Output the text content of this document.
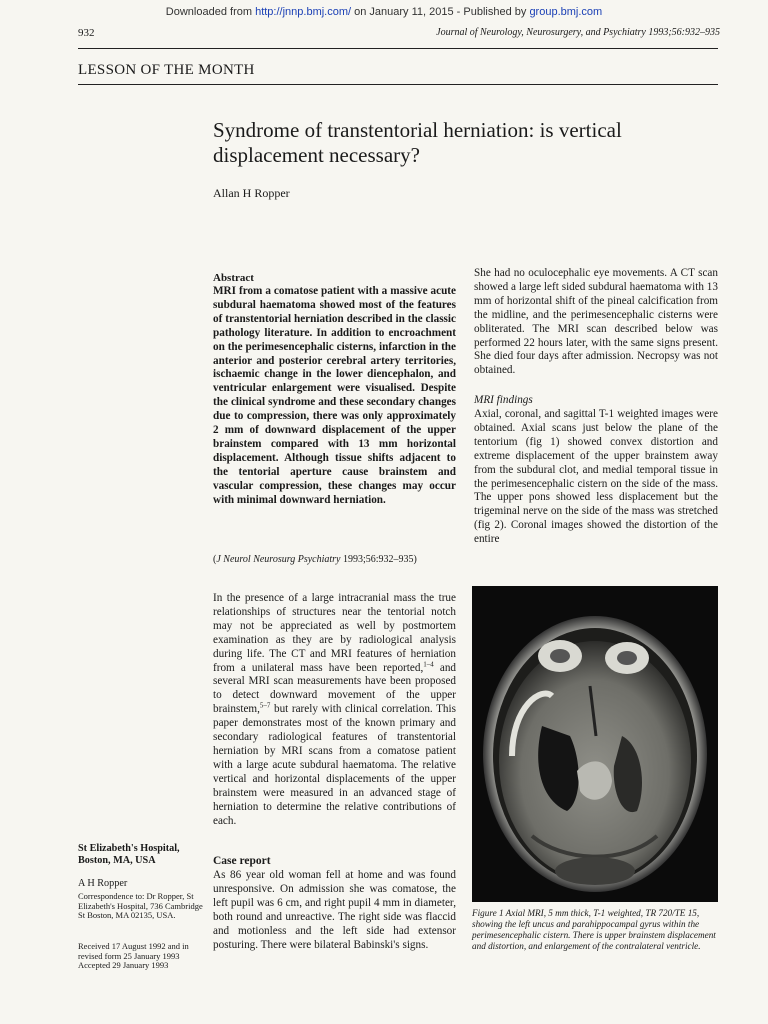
Downloaded from http://jnnp.bmj.com/ on January 11, 2015 - Published by group.bmj.com
932	Journal of Neurology, Neurosurgery, and Psychiatry 1993;56:932–935
LESSON OF THE MONTH
Syndrome of transtentorial herniation: is vertical displacement necessary?
Allan H Ropper
Abstract
MRI from a comatose patient with a massive acute subdural haematoma showed most of the features of transtentorial herniation described in the classic pathology literature. In addition to encroachment on the perimesencephalic cisterns, infarction in the anterior and posterior cerebral artery territories, ischaemic change in the lower diencephalon, and ventricular enlargement were visualised. Despite the clinical syndrome and these secondary changes due to compression, there was only approximately 2 mm of downward displacement of the upper brainstem compared with 13 mm horizontal displacement. Although tissue shifts adjacent to the tentorial aperture cause brainstem and vascular compression, these changes may occur with minimal downward herniation.
(J Neurol Neurosurg Psychiatry 1993;56:932–935)
In the presence of a large intracranial mass the true relationships of structures near the tentorial notch may not be appreciated as well by postmortem examination as they are by radiological analysis during life. The CT and MRI features of herniation from a unilateral mass have been reported,$^{1-4}$ and several MRI scan measurements have been proposed to detect downward movement of the upper brainstem,$^{5-7}$ but rarely with clinical correlation. This paper demonstrates most of the known primary and secondary radiological features of transtentorial herniation by MRI scans from a comatose patient with a large acute subdural haematoma. The relative vertical and horizontal displacements of the upper brainstem were measured in an advanced stage of herniation to determine the relative contributions of each.
Case report
As 86 year old woman fell at home and was found unresponsive. On admission she was comatose, the left pupil was 6 cm, and right pupil 4 mm in diameter, both round and unreactive. The right side was flaccid and motionless and the left side had extensor posturing. There were bilateral Babinski's signs.
She had no oculocephalic eye movements. A CT scan showed a large left sided subdural haematoma with 13 mm of horizontal shift of the pineal calcification from the midline, and the perimesencephalic cisterns were obliterated. The MRI scan described below was performed 22 hours later, with the same signs present. She died four days after admission. Necropsy was not obtained.
MRI findings
Axial, coronal, and sagittal T-1 weighted images were obtained. Axial scans just below the plane of the tentorium (fig 1) showed convex distortion and extreme displacement of the upper brainstem away from the subdural clot, and medial temporal tissue in the perimesencephalic cistern on the side of the mass. The upper pons showed less displacement but the trigeminal nerve on the side of the mass was stretched (fig 2). Coronal images showed the distortion of the entire
Figure 1 Axial MRI, 5 mm thick, T-1 weighted, TR 720/TE 15, showing the left uncus and parahippocampal gyrus within the perimesencephalic cistern. There is upper brainstem displacement and distortion, and enlargement of the contralateral ventricle.
St Elizabeth's Hospital, Boston, MA, USA
A H Ropper
Correspondence to: Dr Ropper, St Elizabeth's Hospital, 736 Cambridge St Boston, MA 02135, USA.
Received 17 August 1992 and in revised form 25 January 1993 Accepted 29 January 1993
